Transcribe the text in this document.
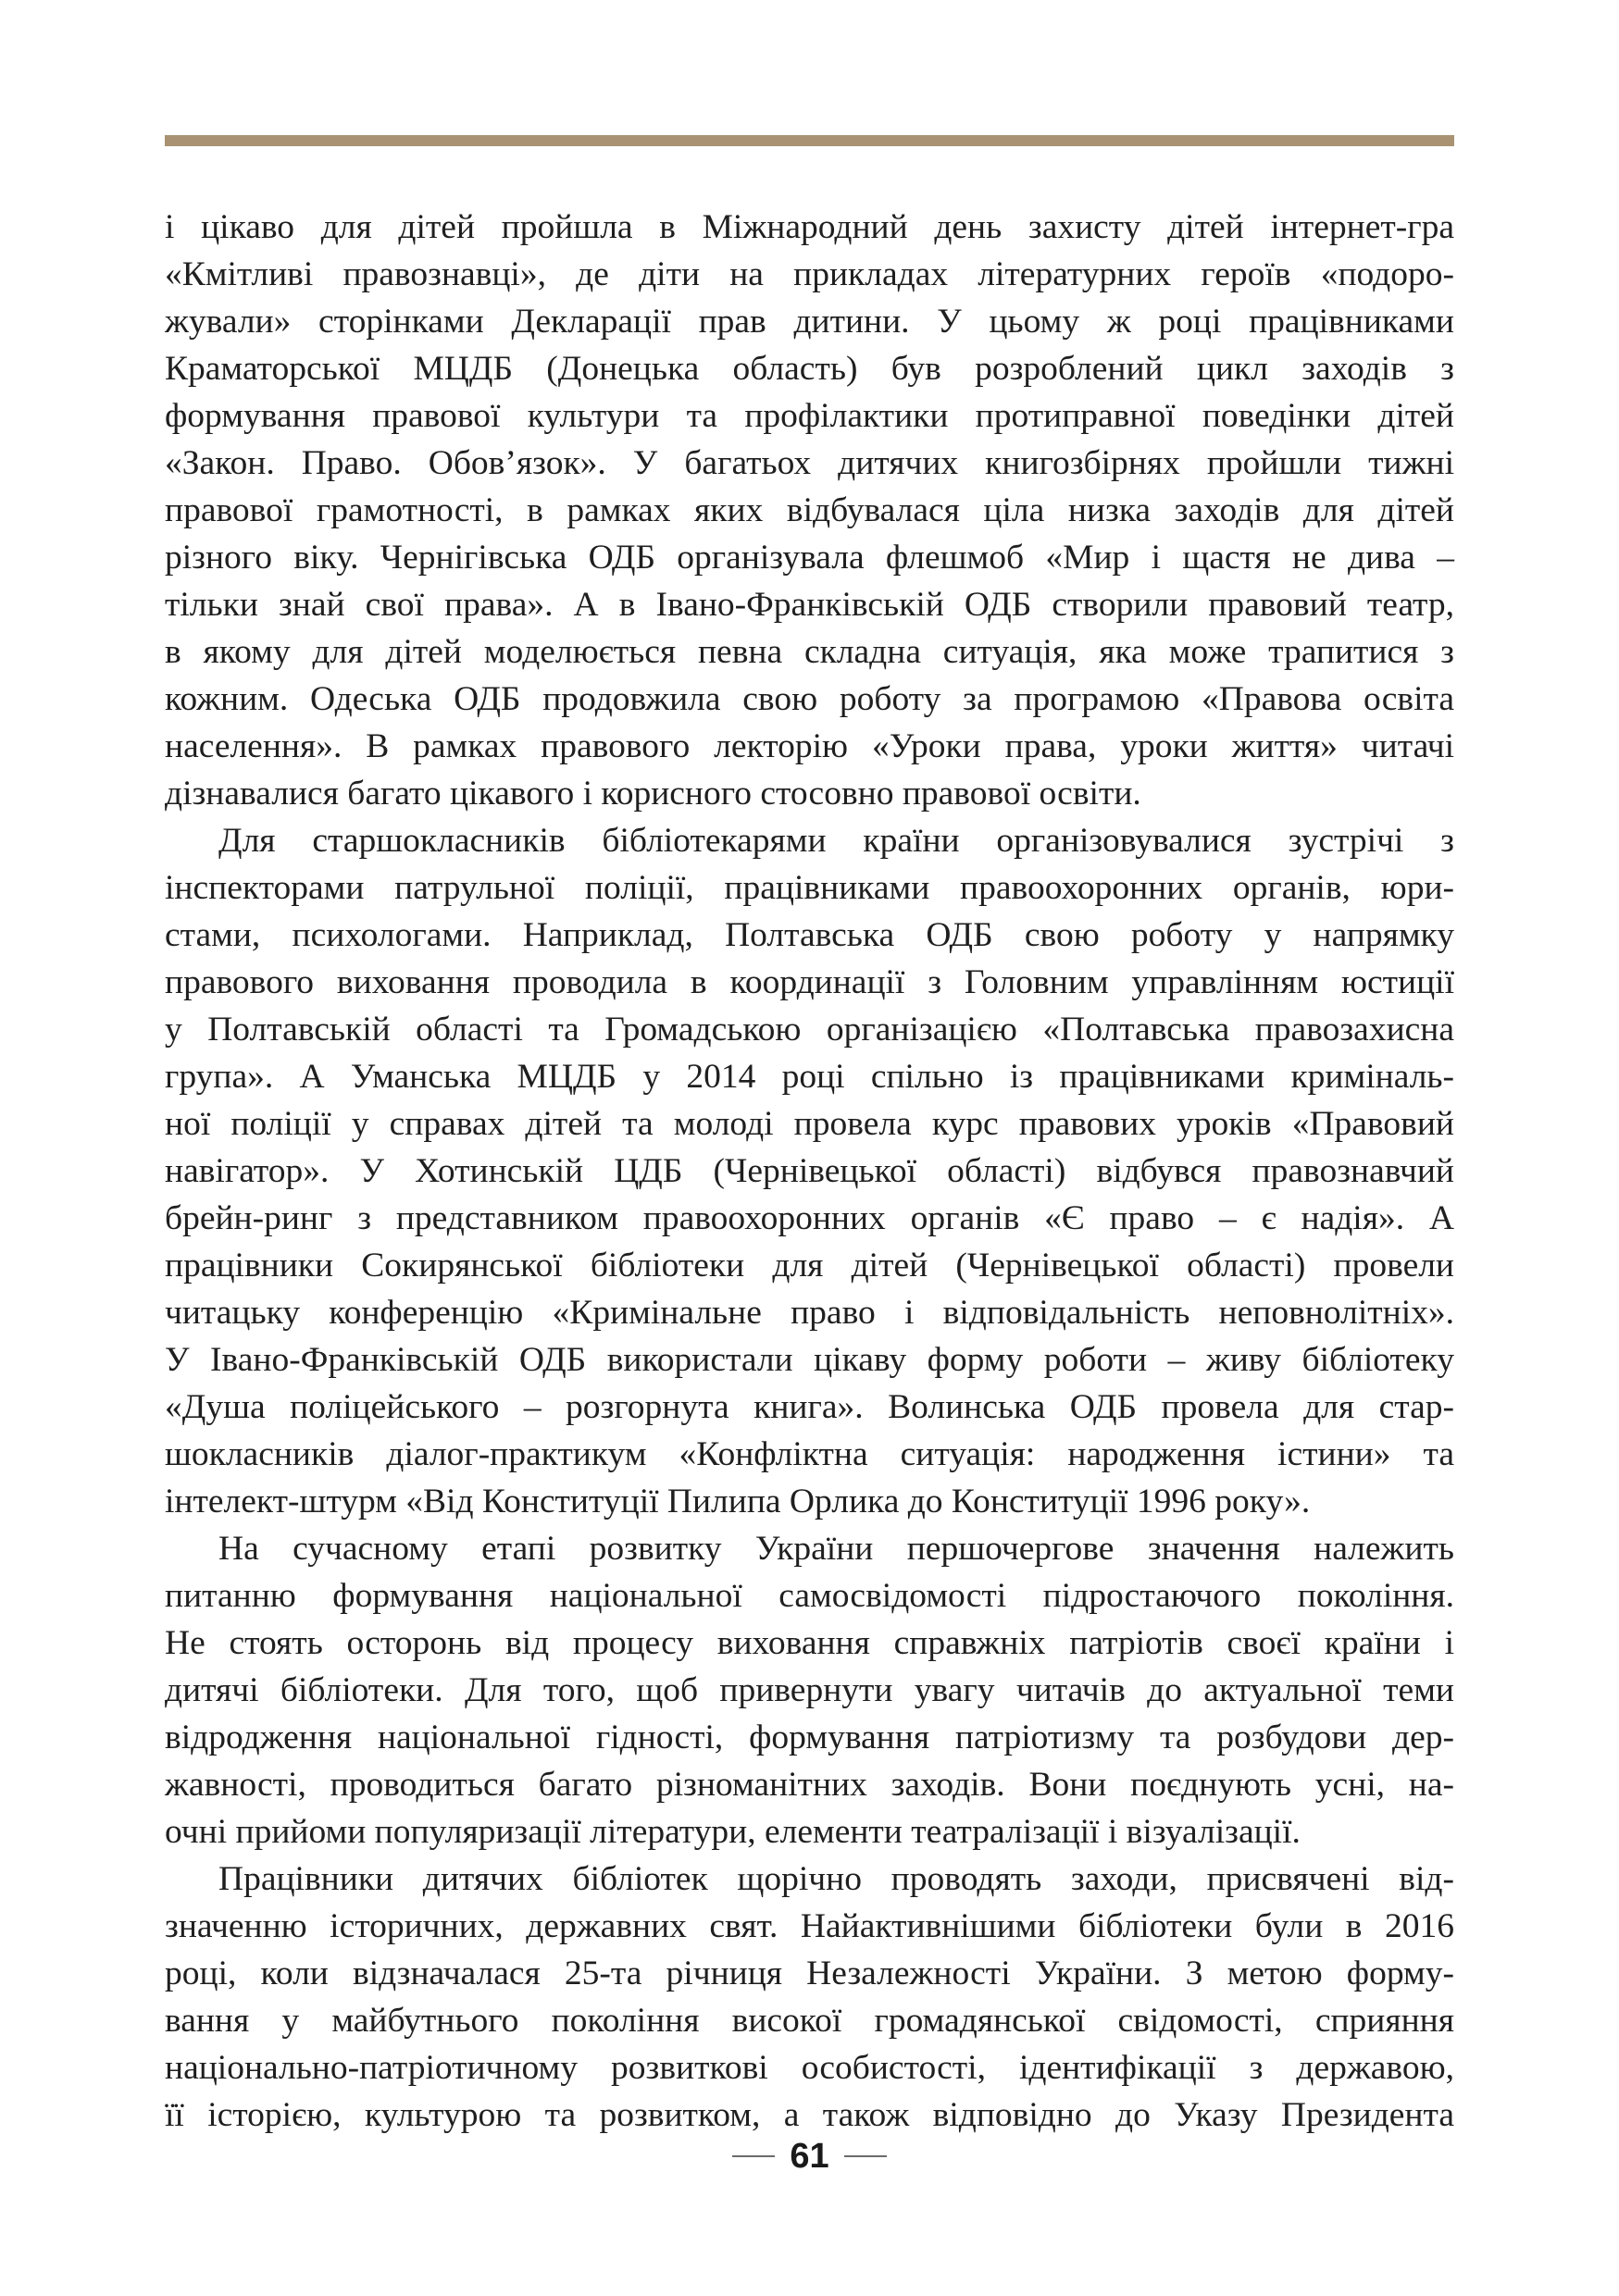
і цікаво для дітей пройшла в Міжнародний день захисту дітей інтернет-гра

«Кмітливі правознавці», де діти на прикладах літературних героїв «подоро-

жували» сторінками Декларації прав дитини. У цьому ж році працівниками

Краматорської МЦДБ (Донецька область) був розроблений цикл заходів з

формування правової культури та профілактики протиправної поведінки дітей

«Закон. Право. Обов’язок». У багатьох дитячих книгозбірнях пройшли тижні

правової грамотності, в рамках яких відбувалася ціла низка заходів для дітей

різного віку. Чернігівська ОДБ організувала флешмоб «Мир і щастя не дива –

тільки знай свої права». А в Івано-Франківській ОДБ створили правовий театр,

в якому для дітей моделюється певна складна ситуація, яка може трапитися з

кожним. Одеська ОДБ продовжила свою роботу за програмою «Правова освіта

населення». В рамках правового лекторію «Уроки права, уроки життя» читачі

дізнавалися багато цікавого і корисного стосовно правової освіти.

Для старшокласників бібліотекарями країни організовувалися зустрічі з

інспекторами патрульної поліції, працівниками правоохоронних органів, юри-

стами, психологами. Наприклад, Полтавська ОДБ свою роботу у напрямку

правового виховання проводила в координації з Головним управлінням юстиції

у Полтавській області та Громадською організацією «Полтавська правозахисна

група». А Уманська МЦДБ у 2014 році спільно із працівниками криміналь-

ної поліції у справах дітей та молоді провела курс правових уроків «Правовий

навігатор». У Хотинській ЦДБ (Чернівецької області) відбувся правознавчий

брейн-ринг з представником правоохоронних органів «Є право – є надія». А

працівники Сокирянської бібліотеки для дітей (Чернівецької області) провели

читацьку конференцію «Кримінальне право і відповідальність неповнолітніх».

У Івано-Франківській ОДБ використали цікаву форму роботи – живу бібліотеку

«Душа поліцейського – розгорнута книга». Волинська ОДБ провела для стар-

шокласників діалог-практикум «Конфліктна ситуація: народження істини» та

інтелект-штурм «Від Конституції Пилипа Орлика до Конституції 1996 року».

На сучасному етапі розвитку України першочергове значення належить

питанню формування національної самосвідомості підростаючого покоління.

Не стоять осторонь від процесу виховання справжніх патріотів своєї країни і

дитячі бібліотеки. Для того, щоб привернути увагу читачів до актуальної теми

відродження національної гідності, формування патріотизму та розбудови дер-

жавності, проводиться багато різноманітних заходів. Вони поєднують усні, на-

очні прийоми популяризації літератури, елементи театралізації і візуалізації.

Працівники дитячих бібліотек щорічно проводять заходи, присвячені від-

значенню історичних, державних свят. Найактивнішими бібліотеки були в 2016

році, коли відзначалася 25-та річниця Незалежності України. З метою форму-

вання у майбутнього покоління високої громадянської свідомості, сприяння

національно-патріотичному розвиткові особистості, ідентифікації з державою,

її історією, культурою та розвитком, а також відповідно до Указу Президента

61
